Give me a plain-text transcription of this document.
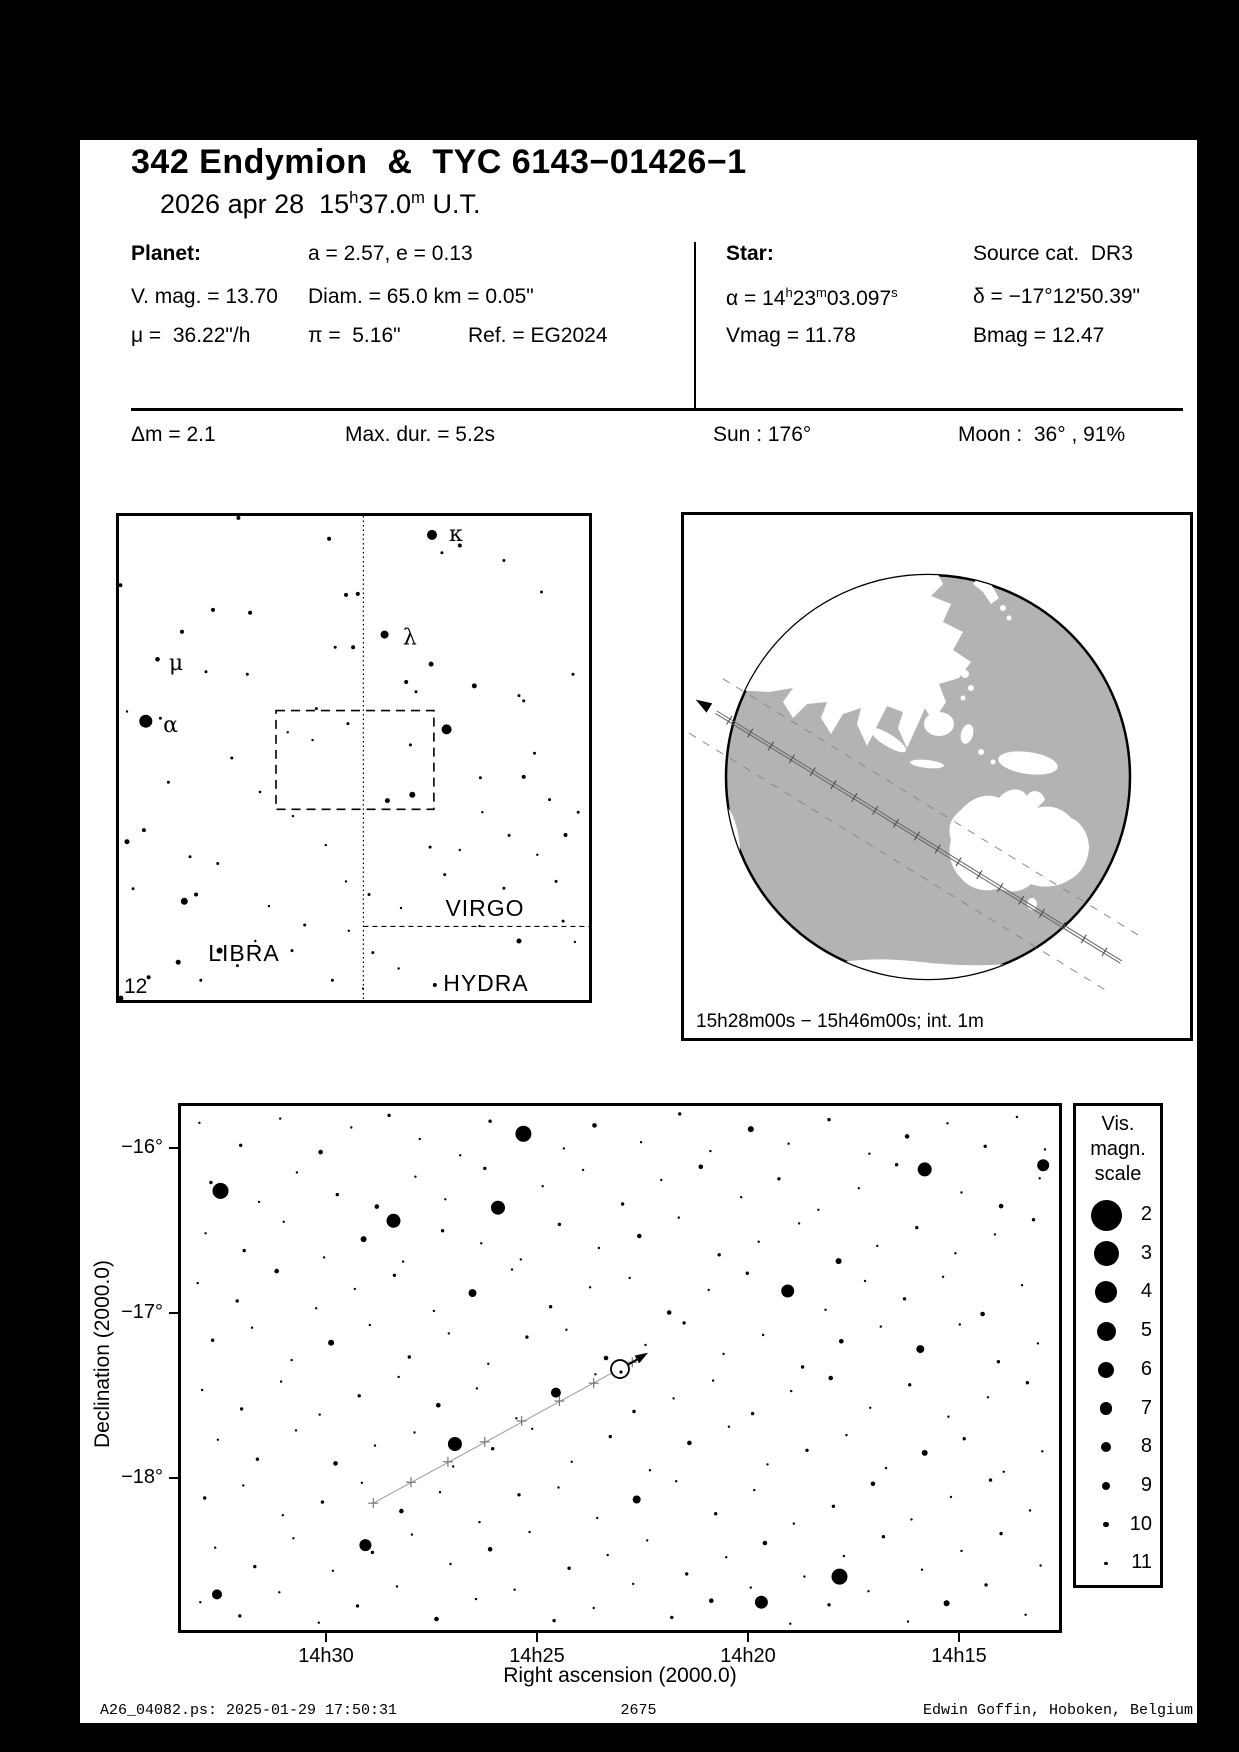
342 Endymion  &  TYC 6143−01426−1
2026 apr 28  15$^h$37.0$^m$ U.T.
Planet:	a = 2.57, e = 0.13
V. mag. = 13.70 Diam. = 65.0 km = 0.05"
μ =  36.22"/h	π =  5.16"	Ref. = EG2024
Star:	Source cat.  DR3
$\alpha = 14^h23^m03.097^s$	δ = −17°12'50.39"
Vmag = 11.78	Bmag = 12.47
Δm = 2.1	Max. dur. = 5.2s	Sun : 176°	Moon :  36° , 91%
κ
λ
μ
α
12
LIBRA
VIRGO
HYDRA
15h28m00s − 15h46m00s; int. 1m
Vis.
magn.
scale
2
3
4
5
6
7
8
9
10
11
14h30	14h25	14h20	14h15
−16°
−17°
−18°
Right ascension (2000.0)
Declination (2000.0)
A26_04082.ps: 2025-01-29 17:50:31	2675	Edwin Goffin, Hoboken, Belgium
